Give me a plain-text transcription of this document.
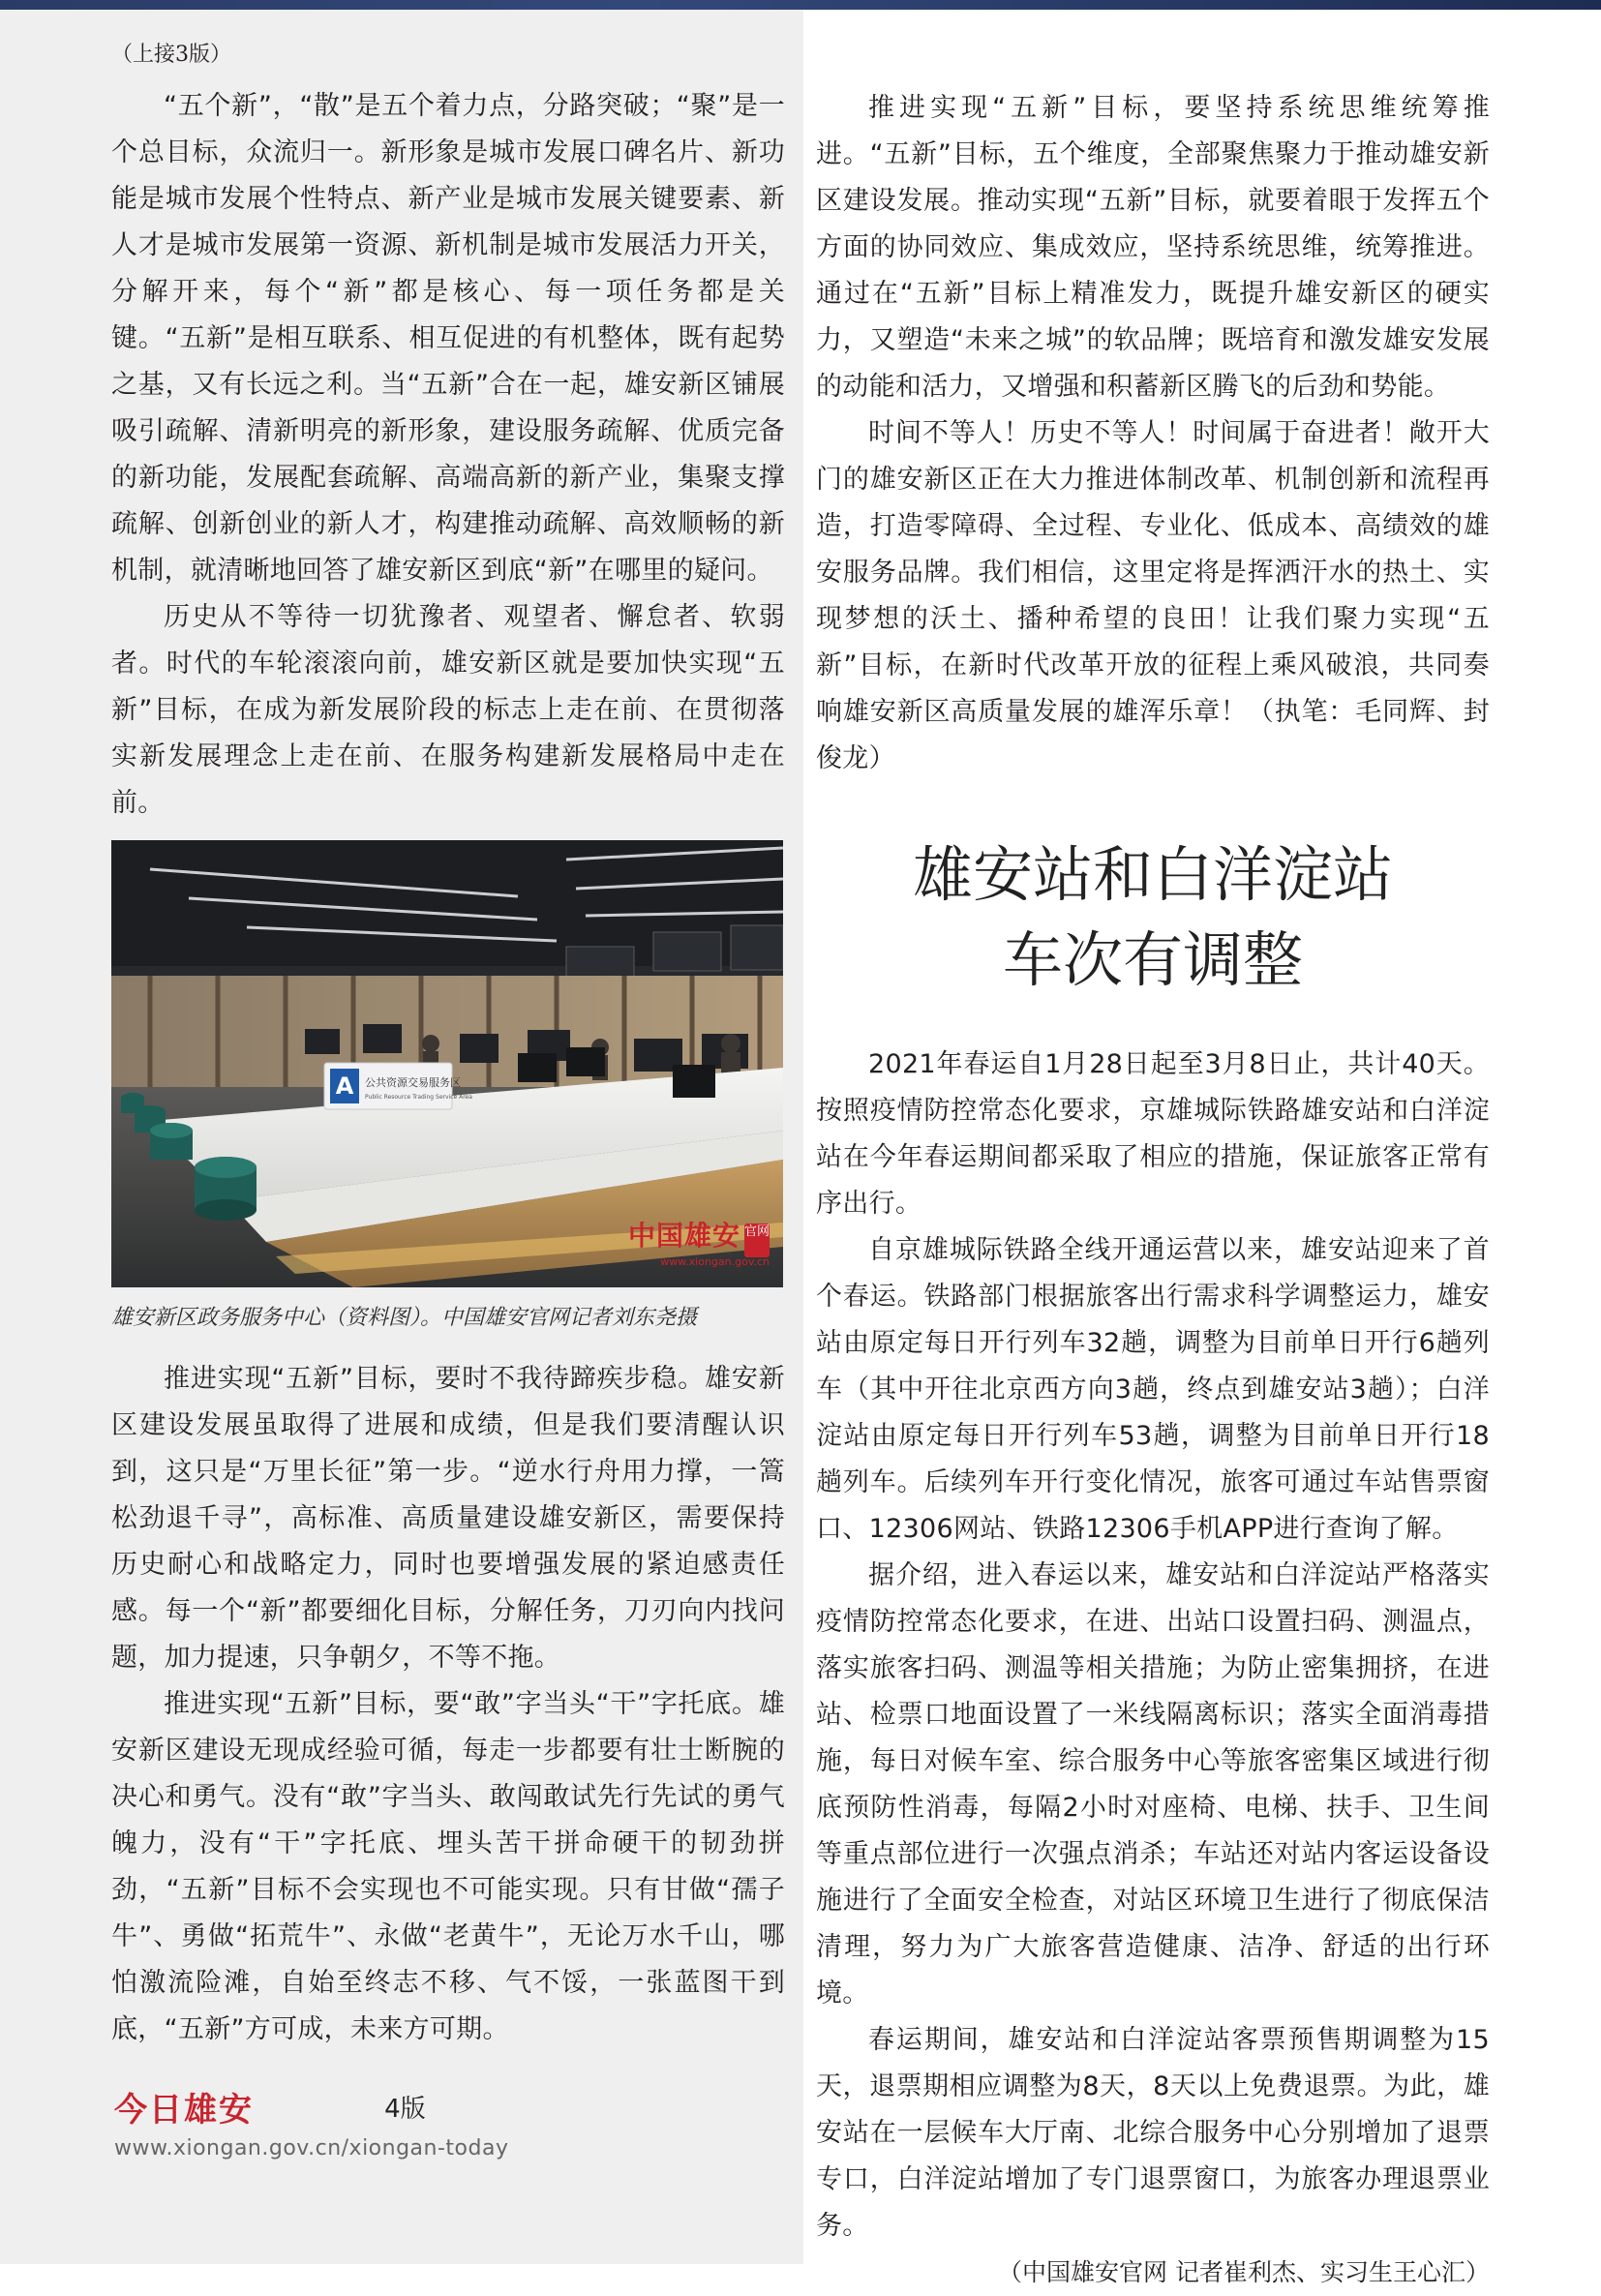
（上接3版）

“五个新”，“散”是五个着力点，分路突破；“聚”是一个总目标，众流归一。新形象是城市发展口碑名片、新功能是城市发展个性特点、新产业是城市发展关键要素、新人才是城市发展第一资源、新机制是城市发展活力开关，分解开来，每个“新”都是核心、每一项任务都是关键。“五新”是相互联系、相互促进的有机整体，既有起势之基，又有长远之利。当“五新”合在一起，雄安新区铺展吸引疏解、清新明亮的新形象，建设服务疏解、优质完备的新功能，发展配套疏解、高端高新的新产业，集聚支撑疏解、创新创业的新人才，构建推动疏解、高效顺畅的新机制，就清晰地回答了雄安新区到底“新”在哪里的疑问。

历史从不等待一切犹豫者、观望者、懈怠者、软弱者。时代的车轮滚滚向前，雄安新区就是要加快实现“五新”目标，在成为新发展阶段的标志上走在前、在贯彻落实新发展理念上走在前、在服务构建新发展格局中走在前。

A 公共资源交易服务区
Public Resource Trading Service Area
中国雄安 官网
www.xiongan.gov.cn
雄安新区政务服务中心（资料图）。中国雄安官网记者刘东尧摄

推进实现“五新”目标，要时不我待蹄疾步稳。雄安新区建设发展虽取得了进展和成绩，但是我们要清醒认识到，这只是“万里长征”第一步。“逆水行舟用力撑，一篙松劲退千寻”，高标准、高质量建设雄安新区，需要保持历史耐心和战略定力，同时也要增强发展的紧迫感责任感。每一个“新”都要细化目标，分解任务，刀刃向内找问题，加力提速，只争朝夕，不等不拖。

推进实现“五新”目标，要“敢”字当头“干”字托底。雄安新区建设无现成经验可循，每走一步都要有壮士断腕的决心和勇气。没有“敢”字当头、敢闯敢试先行先试的勇气魄力，没有“干”字托底、埋头苦干拼命硬干的韧劲拼劲，“五新”目标不会实现也不可能实现。只有甘做“孺子牛”、勇做“拓荒牛”、永做“老黄牛”，无论万水千山，哪怕激流险滩，自始至终志不移、气不馁，一张蓝图干到底，“五新”方可成，未来方可期。

今日雄安	4版
www.xiongan.gov.cn/xiongan-today

推进实现“五新”目标，要坚持系统思维统筹推进。“五新”目标，五个维度，全部聚焦聚力于推动雄安新区建设发展。推动实现“五新”目标，就要着眼于发挥五个方面的协同效应、集成效应，坚持系统思维，统筹推进。通过在“五新”目标上精准发力，既提升雄安新区的硬实力，又塑造“未来之城”的软品牌；既培育和激发雄安发展的动能和活力，又增强和积蓄新区腾飞的后劲和势能。

时间不等人！历史不等人！时间属于奋进者！敞开大门的雄安新区正在大力推进体制改革、机制创新和流程再造，打造零障碍、全过程、专业化、低成本、高绩效的雄安服务品牌。我们相信，这里定将是挥洒汗水的热土、实现梦想的沃土、播种希望的良田！让我们聚力实现“五新”目标，在新时代改革开放的征程上乘风破浪，共同奏响雄安新区高质量发展的雄浑乐章！（执笔：毛同辉、封俊龙）

雄安站和白洋淀站
车次有调整

2021年春运自1月28日起至3月8日止，共计40天。按照疫情防控常态化要求，京雄城际铁路雄安站和白洋淀站在今年春运期间都采取了相应的措施，保证旅客正常有序出行。

自京雄城际铁路全线开通运营以来，雄安站迎来了首个春运。铁路部门根据旅客出行需求科学调整运力，雄安站由原定每日开行列车32趟，调整为目前单日开行6趟列车（其中开往北京西方向3趟，终点到雄安站3趟）；白洋淀站由原定每日开行列车53趟，调整为目前单日开行18趟列车。后续列车开行变化情况，旅客可通过车站售票窗口、12306网站、铁路12306手机APP进行查询了解。

据介绍，进入春运以来，雄安站和白洋淀站严格落实疫情防控常态化要求，在进、出站口设置扫码、测温点，落实旅客扫码、测温等相关措施；为防止密集拥挤，在进站、检票口地面设置了一米线隔离标识；落实全面消毒措施，每日对候车室、综合服务中心等旅客密集区域进行彻底预防性消毒，每隔2小时对座椅、电梯、扶手、卫生间等重点部位进行一次强点消杀；车站还对站内客运设备设施进行了全面安全检查，对站区环境卫生进行了彻底保洁清理，努力为广大旅客营造健康、洁净、舒适的出行环境。

春运期间，雄安站和白洋淀站客票预售期调整为15天，退票期相应调整为8天，8天以上免费退票。为此，雄安站在一层候车大厅南、北综合服务中心分别增加了退票专口，白洋淀站增加了专门退票窗口，为旅客办理退票业务。

（中国雄安官网 记者崔利杰、实习生王心汇）
